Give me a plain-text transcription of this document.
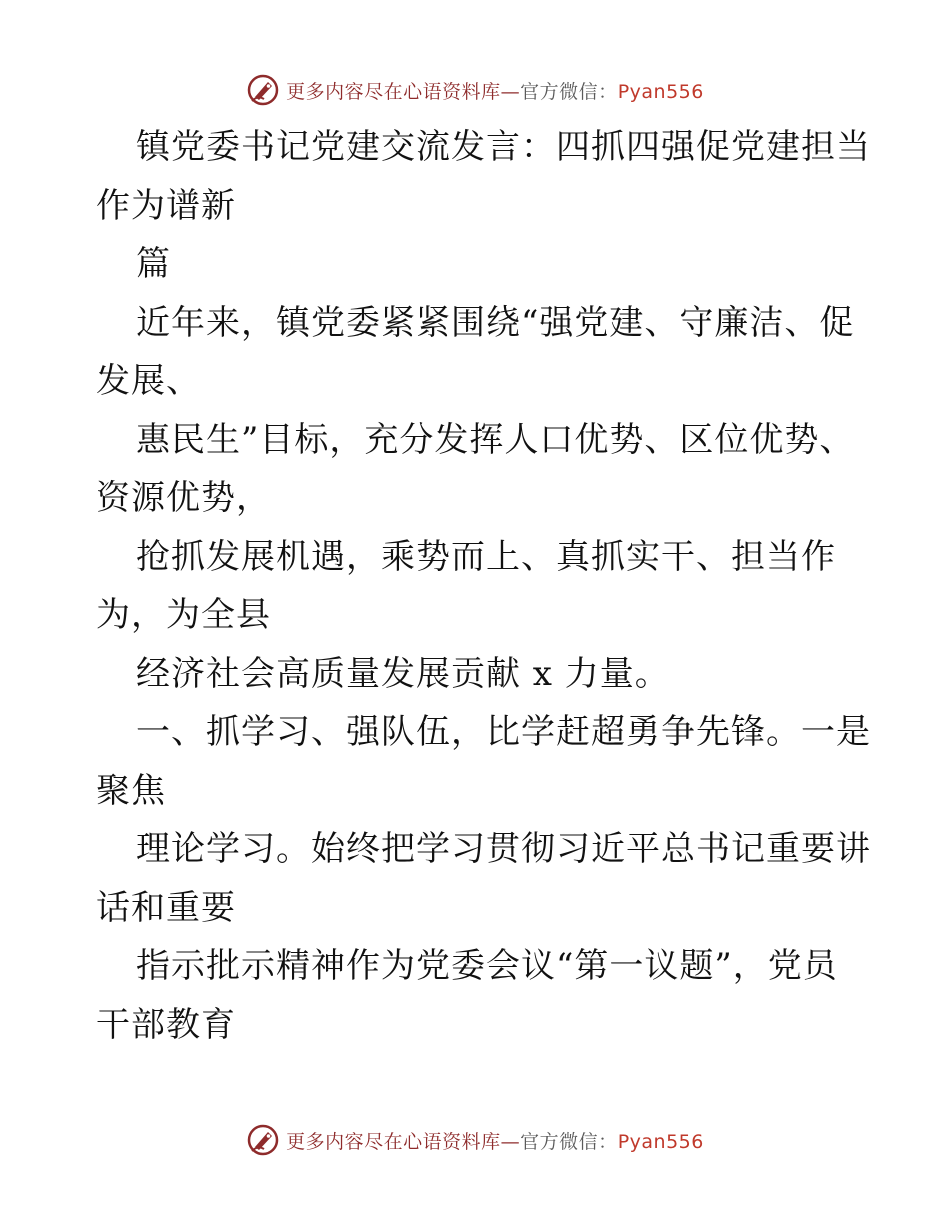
更多内容尽在心语资料库—官方微信：Pyan556
镇党委书记党建交流发言：四抓四强促党建担当
作为谱新
篇
近年来，镇党委紧紧围绕“强党建、守廉洁、促
发展、
惠民生”目标，充分发挥人口优势、区位优势、
资源优势，
抢抓发展机遇，乘势而上、真抓实干、担当作
为，为全县
经济社会高质量发展贡献 x 力量。
一、抓学习、强队伍，比学赶超勇争先锋。一是
聚焦
理论学习。始终把学习贯彻习近平总书记重要讲
话和重要
指示批示精神作为党委会议“第一议题”，党员
干部教育
更多内容尽在心语资料库—官方微信：Pyan556
